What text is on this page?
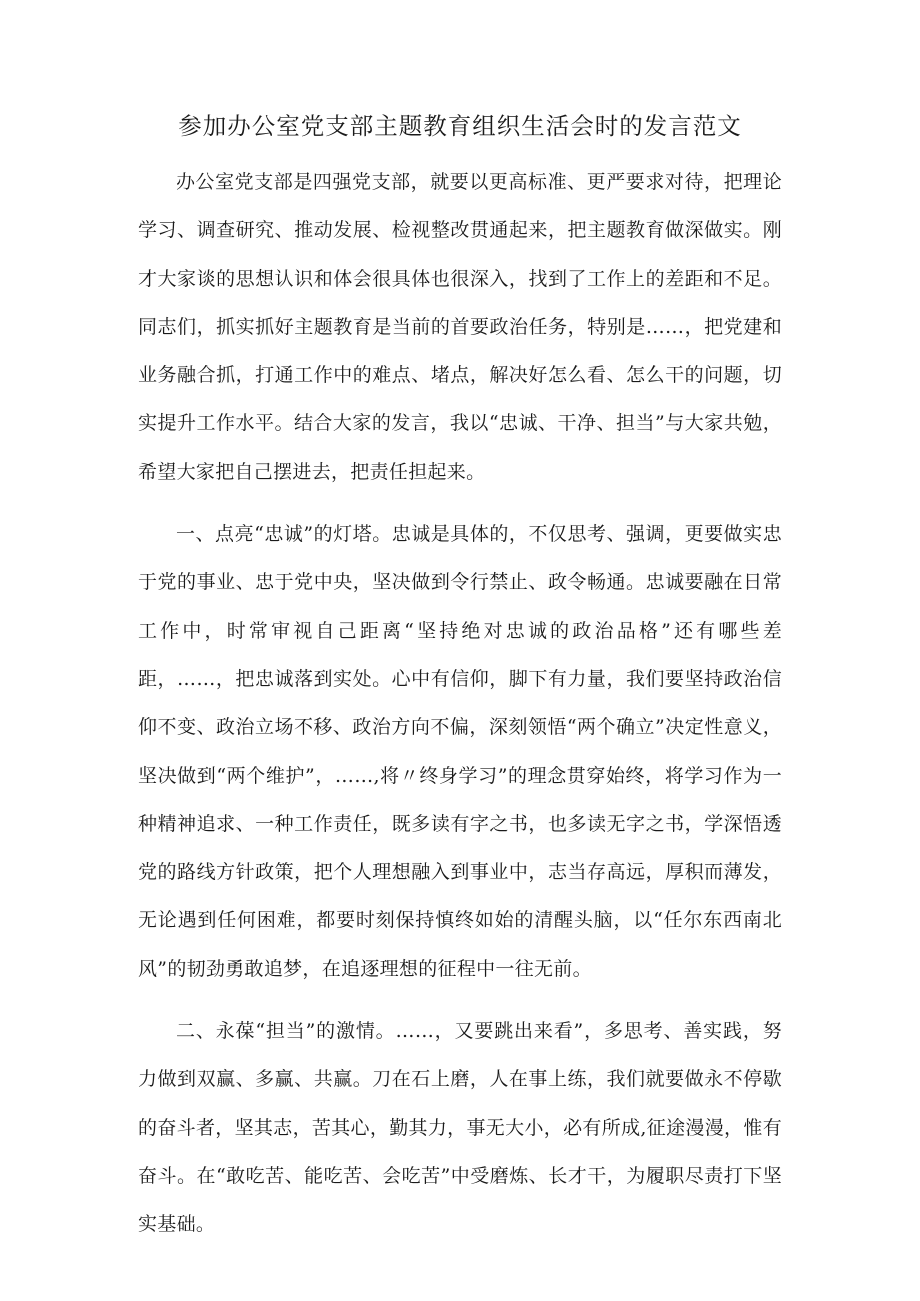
参加办公室党支部主题教育组织生活会时的发言范文

办公室党支部是四强党支部，就要以更高标准、更严要求对待，把理论学习、调查研究、推动发展、检视整改贯通起来，把主题教育做深做实。刚才大家谈的思想认识和体会很具体也很深入，找到了工作上的差距和不足。同志们，抓实抓好主题教育是当前的首要政治任务，特别是……，把党建和业务融合抓，打通工作中的难点、堵点，解决好怎么看、怎么干的问题，切实提升工作水平。结合大家的发言，我以“忠诚、干净、担当”与大家共勉，希望大家把自己摆进去，把责任担起来。

一、点亮“忠诚”的灯塔。忠诚是具体的，不仅思考、强调，更要做实忠于党的事业、忠于党中央，坚决做到令行禁止、政令畅通。忠诚要融在日常工作中，时常审视自己距离“坚持绝对忠诚的政治品格”还有哪些差距，……，把忠诚落到实处。心中有信仰，脚下有力量，我们要坚持政治信仰不变、政治立场不移、政治方向不偏，深刻领悟“两个确立”决定性意义，坚决做到“两个维护”，……,将〃终身学习”的理念贯穿始终，将学习作为一种精神追求、一种工作责任，既多读有字之书，也多读无字之书，学深悟透党的路线方针政策，把个人理想融入到事业中，志当存高远，厚积而薄发，无论遇到任何困难，都要时刻保持慎终如始的清醒头脑，以“任尔东西南北风”的韧劲勇敢追梦，在追逐理想的征程中一往无前。

二、永葆“担当”的激情。……，又要跳出来看”，多思考、善实践，努力做到双赢、多赢、共赢。刀在石上磨，人在事上练，我们就要做永不停歇的奋斗者，坚其志，苦其心，勤其力，事无大小，必有所成,征途漫漫，惟有奋斗。在“敢吃苦、能吃苦、会吃苦”中受磨炼、长才干，为履职尽责打下坚实基础。
